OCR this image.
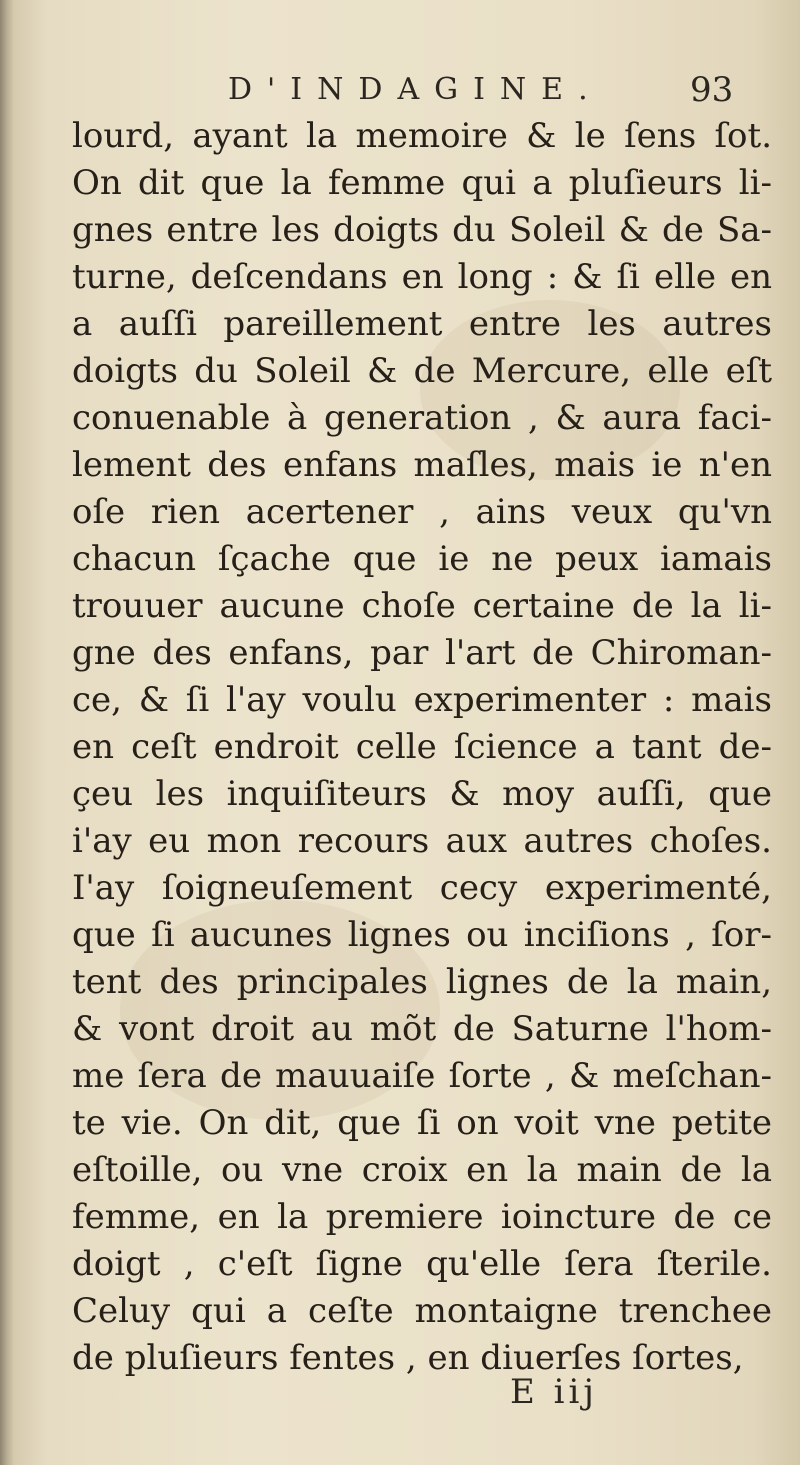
D'INDAGINE.	93
lourd, ayant la memoire & le ſens ſot.
On dit que la femme qui a pluſieurs li-
gnes entre les doigts du Soleil & de Sa-
turne, deſcendans en long : & ſi elle en
a auſſi pareillement entre les autres
doigts du Soleil & de Mercure, elle eſt
conuenable à generation , & aura faci-
lement des enfans maſles, mais ie n'en
oſe rien acertener , ains veux qu'vn
chacun ſçache que ie ne peux iamais
trouuer aucune choſe certaine de la li-
gne des enfans, par l'art de Chiroman-
ce, & ſi l'ay voulu experimenter : mais
en ceſt endroit celle ſcience a tant de-
çeu les inquiſiteurs & moy auſſi, que
i'ay eu mon recours aux autres choſes.
I'ay ſoigneuſement cecy experimenté,
que ſi aucunes lignes ou inciſions , ſor-
tent des principales lignes de la main,
& vont droit au mõt de Saturne l'hom-
me ſera de mauuaiſe ſorte , & meſchan-
te vie. On dit, que ſi on voit vne petite
eſtoille, ou vne croix en la main de la
femme, en la premiere ioincture de ce
doigt , c'eſt ſigne qu'elle ſera ſterile.
Celuy qui a ceſte montaigne trenchee
de pluſieurs fentes , en diuerſes ſortes,
E iij
